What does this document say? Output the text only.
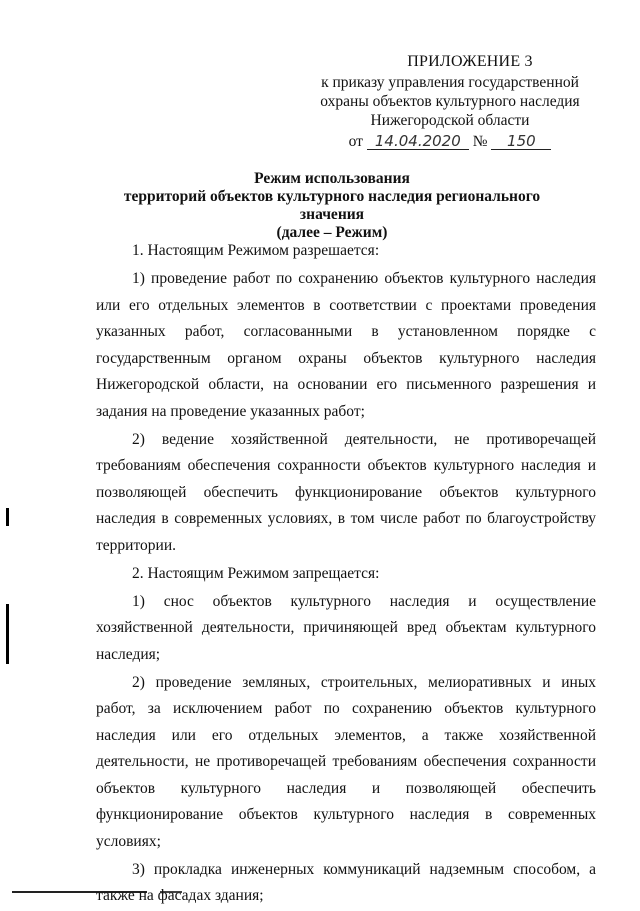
ПРИЛОЖЕНИЕ 3
к приказу управления государственной
охраны объектов культурного наследия
Нижегородской области
от 14.04.2020 № 150
Режим использования
территорий объектов культурного наследия регионального значения
(далее – Режим)

1. Настоящим Режимом разрешается:

1) проведение работ по сохранению объектов культурного наследия или его отдельных элементов в соответствии с проектами проведения указанных работ, согласованными в установленном порядке с государственным органом охраны объектов культурного наследия Нижегородской области, на основании его письменного разрешения и задания на проведение указанных работ;

2) ведение хозяйственной деятельности, не противоречащей требованиям обеспечения сохранности объектов культурного наследия и позволяющей обеспечить функционирование объектов культурного наследия в современных условиях, в том числе работ по благоустройству территории.

2. Настоящим Режимом запрещается:

1) снос объектов культурного наследия и осуществление хозяйственной деятельности, причиняющей вред объектам культурного наследия;

2) проведение земляных, строительных, мелиоративных и иных работ, за исключением работ по сохранению объектов культурного наследия или его отдельных элементов, а также хозяйственной деятельности, не противоречащей требованиям обеспечения сохранности объектов культурного наследия и позволяющей обеспечить функционирование объектов культурного наследия в современных условиях;

3) прокладка инженерных коммуникаций надземным способом, а также на фасадах здания;
